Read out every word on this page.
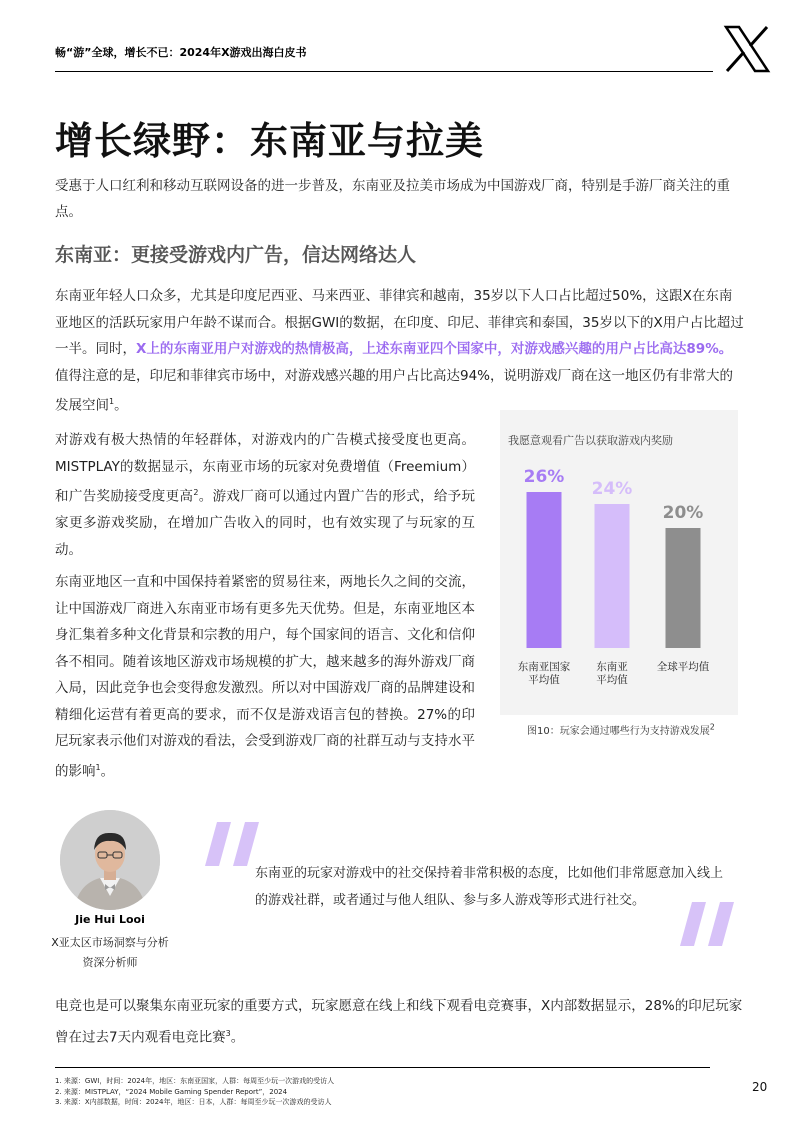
畅“游”全球，增长不已：2024年X游戏出海白皮书
增长绿野：东南亚与拉美
受惠于人口红利和移动互联网设备的进一步普及，东南亚及拉美市场成为中国游戏厂商，特别是手游厂商关注的重点。
东南亚：更接受游戏内广告，信达网络达人
东南亚年轻人口众多，尤其是印度尼西亚、马来西亚、菲律宾和越南，35岁以下人口占比超过50%，这跟X在东南亚地区的活跃玩家用户年龄不谋而合。根据GWI的数据，在印度、印尼、菲律宾和泰国，35岁以下的X用户占比超过一半。同时，X上的东南亚用户对游戏的热情极高，上述东南亚四个国家中，对游戏感兴趣的用户占比高达89%。值得注意的是，印尼和菲律宾市场中，对游戏感兴趣的用户占比高达94%，说明游戏厂商在这一地区仍有非常大的发展空间$^1$。
对游戏有极大热情的年轻群体，对游戏内的广告模式接受度也更高。MISTPLAY的数据显示，东南亚市场的玩家对免费增值（Freemium）和广告奖励接受度更高$^2$。游戏厂商可以通过内置广告的形式，给予玩家更多游戏奖励，在增加广告收入的同时，也有效实现了与玩家的互动。
东南亚地区一直和中国保持着紧密的贸易往来，两地长久之间的交流，让中国游戏厂商进入东南亚市场有更多先天优势。但是，东南亚地区本身汇集着多种文化背景和宗教的用户，每个国家间的语言、文化和信仰各不相同。随着该地区游戏市场规模的扩大，越来越多的海外游戏厂商入局，因此竞争也会变得愈发激烈。所以对中国游戏厂商的品牌建设和精细化运营有着更高的要求，而不仅是游戏语言包的替换。27%的印尼玩家表示他们对游戏的看法，会受到游戏厂商的社群互动与支持水平的影响$^1$。
我愿意观看广告以获取游戏内奖励
26%
东南亚国家
平均值
24%
东南亚
平均值
20%
全球平均值
图10：玩家会通过哪些行为支持游戏发展$^2$
Jie Hui Looi
X亚太区市场洞察与分析
资深分析师
东南亚的玩家对游戏中的社交保持着非常积极的态度，比如他们非常愿意加入线上的游戏社群，或者通过与他人组队、参与多人游戏等形式进行社交。
电竞也是可以聚集东南亚玩家的重要方式，玩家愿意在线上和线下观看电竞赛事，X内部数据显示，28%的印尼玩家曾在过去7天内观看电竞比赛$^3$。
1. 来源：GWI，时间：2024年，地区：东南亚国家，人群：每周至少玩一次游戏的受访人
2. 来源：MISTPLAY，“2024 Mobile Gaming Spender Report”，2024
3. 来源：X内部数据，时间：2024年，地区：日本，人群：每周至少玩一次游戏的受访人
20
